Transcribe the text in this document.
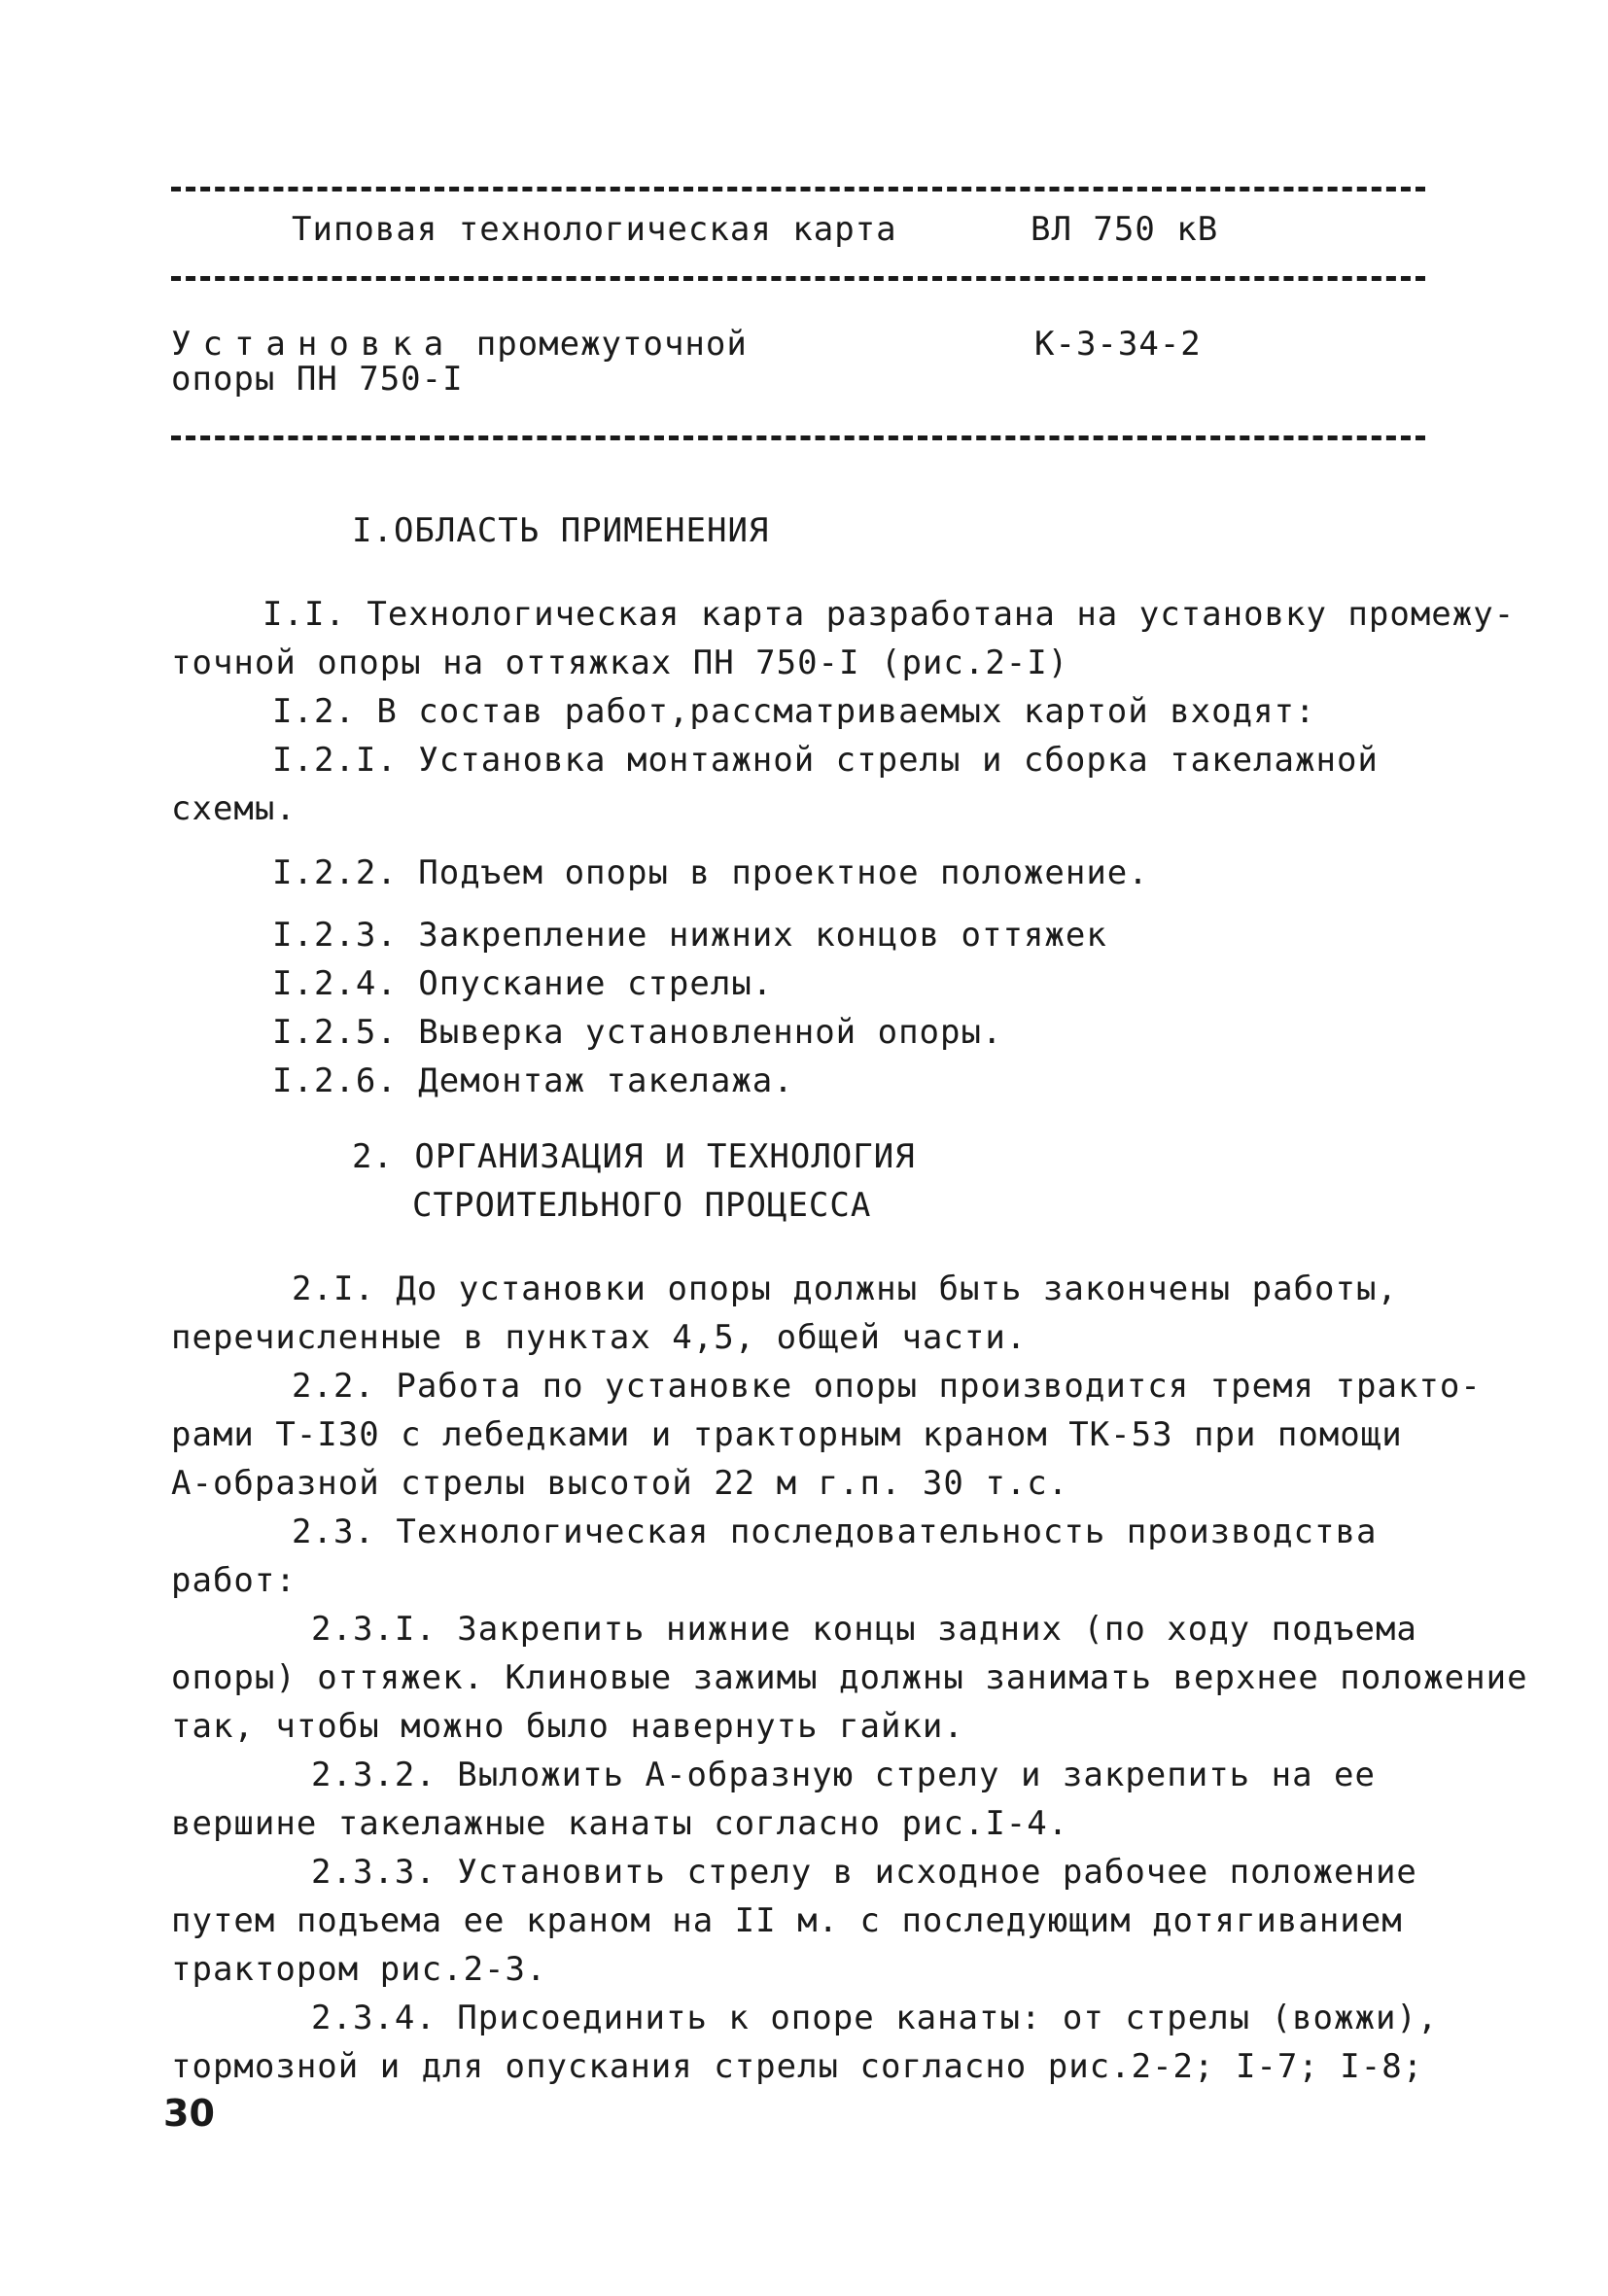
Типовая технологическая карта	ВЛ 750 кВ
Установка промежуточной
опоры ПН 750-I
К-3-34-2
I.ОБЛАСТЬ ПРИМЕНЕНИЯ
I.I. Технологическая карта разработана на установку промежу-
точной опоры на оттяжках ПН 750-I (рис.2-I)
I.2. В состав работ,рассматриваемых картой входят:
I.2.I. Установка монтажной стрелы и сборка такелажной
схемы.
I.2.2. Подъем опоры в проектное положение.
I.2.3. Закрепление нижних концов оттяжек
I.2.4. Опускание стрелы.
I.2.5. Выверка установленной опоры.
I.2.6. Демонтаж такелажа.
2. ОРГАНИЗАЦИЯ И ТЕХНОЛОГИЯ
СТРОИТЕЛЬНОГО ПРОЦЕССА
2.I. До установки опоры должны быть закончены работы,
перечисленные в пунктах 4,5, общей части.
2.2. Работа по установке опоры производится тремя тракто-
рами Т-I30 с лебедками и тракторным краном ТК-53 при помощи
А-образной стрелы высотой 22 м г.п. 30 т.с.
2.3. Технологическая последовательность производства
работ:
2.3.I. Закрепить нижние концы задних (по ходу подъема
опоры) оттяжек. Клиновые зажимы должны занимать верхнее положение
так, чтобы можно было навернуть гайки.
2.3.2. Выложить А-образную стрелу и закрепить на ее
вершине такелажные канаты согласно рис.I-4.
2.3.3. Установить стрелу в исходное рабочее положение
путем подъема ее краном на II м. с последующим дотягиванием
трактором рис.2-3.
2.3.4. Присоединить к опоре канаты: от стрелы (вожжи),
тормозной и для опускания стрелы согласно рис.2-2; I-7; I-8;
30
